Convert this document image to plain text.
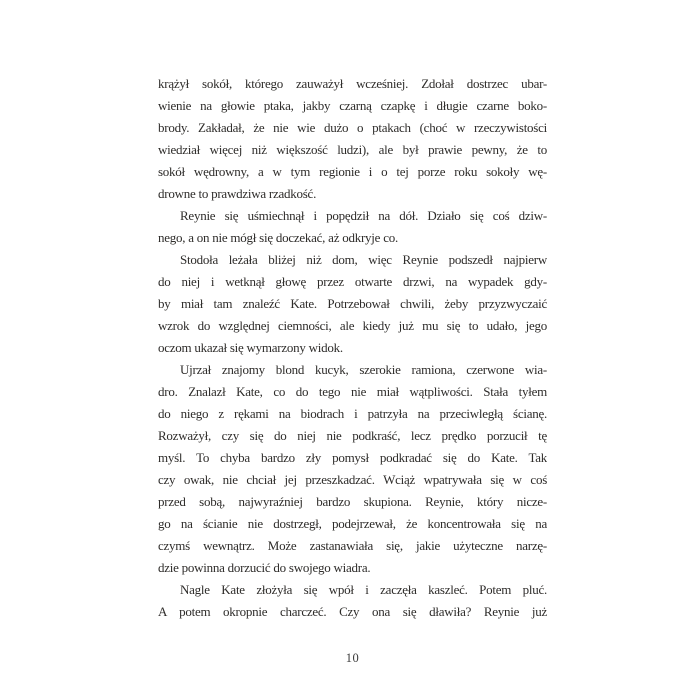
krążył sokół, którego zauważył wcześniej. Zdołał dostrzec ubar-
wienie na głowie ptaka, jakby czarną czapkę i długie czarne boko-
brody. Zakładał, że nie wie dużo o ptakach (choć w rzeczywistości
wiedział więcej niż większość ludzi), ale był prawie pewny, że to
sokół wędrowny, a w tym regionie i o tej porze roku sokoły wę-
drowne to prawdziwa rzadkość.
Reynie się uśmiechnął i popędził na dół. Działo się coś dziw-
nego, a on nie mógł się doczekać, aż odkryje co.
Stodoła leżała bliżej niż dom, więc Reynie podszedł najpierw
do niej i wetknął głowę przez otwarte drzwi, na wypadek gdy-
by miał tam znaleźć Kate. Potrzebował chwili, żeby przyzwyczaić
wzrok do względnej ciemności, ale kiedy już mu się to udało, jego
oczom ukazał się wymarzony widok.
Ujrzał znajomy blond kucyk, szerokie ramiona, czerwone wia-
dro. Znalazł Kate, co do tego nie miał wątpliwości. Stała tyłem
do niego z rękami na biodrach i patrzyła na przeciwległą ścianę.
Rozważył, czy się do niej nie podkraść, lecz prędko porzucił tę
myśl. To chyba bardzo zły pomysł podkradać się do Kate. Tak
czy owak, nie chciał jej przeszkadzać. Wciąż wpatrywała się w coś
przed sobą, najwyraźniej bardzo skupiona. Reynie, który nicze-
go na ścianie nie dostrzegł, podejrzewał, że koncentrowała się na
czymś wewnątrz. Może zastanawiała się, jakie użyteczne narzę-
dzie powinna dorzucić do swojego wiadra.
Nagle Kate złożyła się wpół i zaczęła kaszleć. Potem pluć.
A potem okropnie charczeć. Czy ona się dławiła? Reynie już
10
